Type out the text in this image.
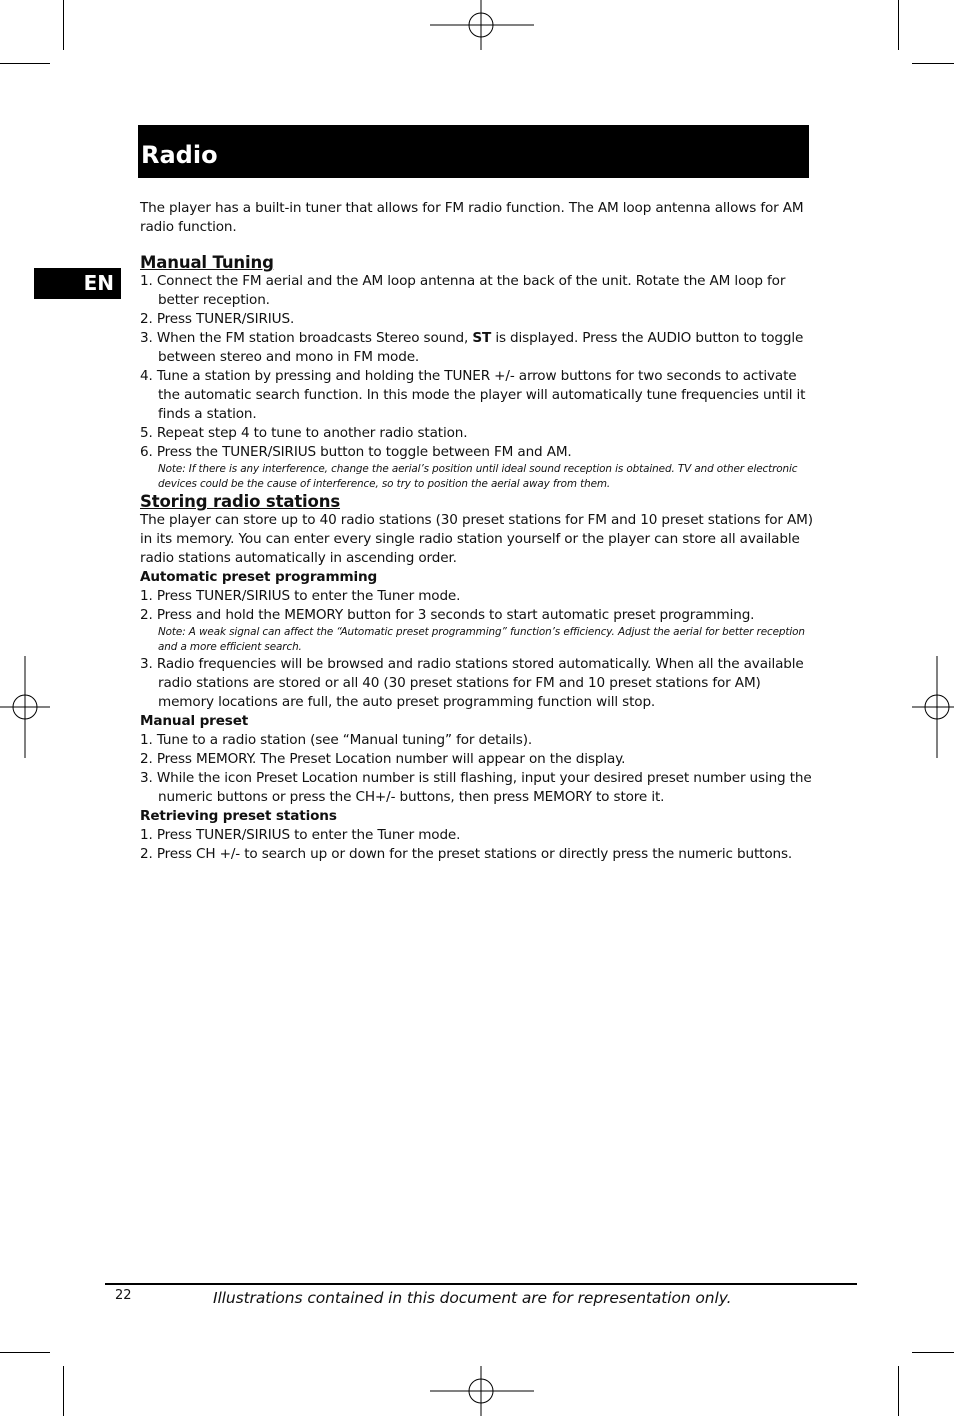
Radio
EN

The player has a built-in tuner that allows for FM radio function. The AM loop antenna allows for AM radio function.

Manual Tuning

1. Connect the FM aerial and the AM loop antenna at the back of the unit. Rotate the AM loop for better reception.
2. Press TUNER/SIRIUS.
3. When the FM station broadcasts Stereo sound, ST is displayed. Press the AUDIO button to toggle between stereo and mono in FM mode.
4. Tune a station by pressing and holding the TUNER +/- arrow buttons for two seconds to activate the automatic search function. In this mode the player will automatically tune frequencies until it finds a station.
5. Repeat step 4 to tune to another radio station.
6. Press the TUNER/SIRIUS button to toggle between FM and AM.

Note: If there is any interference, change the aerial’s position until ideal sound reception is obtained. TV and other electronic devices could be the cause of interference, so try to position the aerial away from them.

Storing radio stations

The player can store up to 40 radio stations (30 preset stations for FM and 10 preset stations for AM) in its memory. You can enter every single radio station yourself or the player can store all available radio stations automatically in ascending order.

Automatic preset programming

1. Press TUNER/SIRIUS to enter the Tuner mode.
2. Press and hold the MEMORY button for 3 seconds to start automatic preset programming.

Note: A weak signal can affect the “Automatic preset programming” function’s efficiency. Adjust the aerial for better reception and a more efficient search.

3. Radio frequencies will be browsed and radio stations stored automatically. When all the available radio stations are stored or all 40 (30 preset stations for FM and 10 preset stations for AM) memory locations are full, the auto preset programming function will stop.

Manual preset

1. Tune to a radio station (see “Manual tuning” for details).
2. Press MEMORY. The Preset Location number will appear on the display.
3. While the icon Preset Location number is still flashing, input your desired preset number using the numeric buttons or press the CH+/- buttons, then press MEMORY to store it.

Retrieving preset stations

1. Press TUNER/SIRIUS to enter the Tuner mode.
2. Press CH +/- to search up or down for the preset stations or directly press the numeric buttons.
22	Illustrations contained in this document are for representation only.
